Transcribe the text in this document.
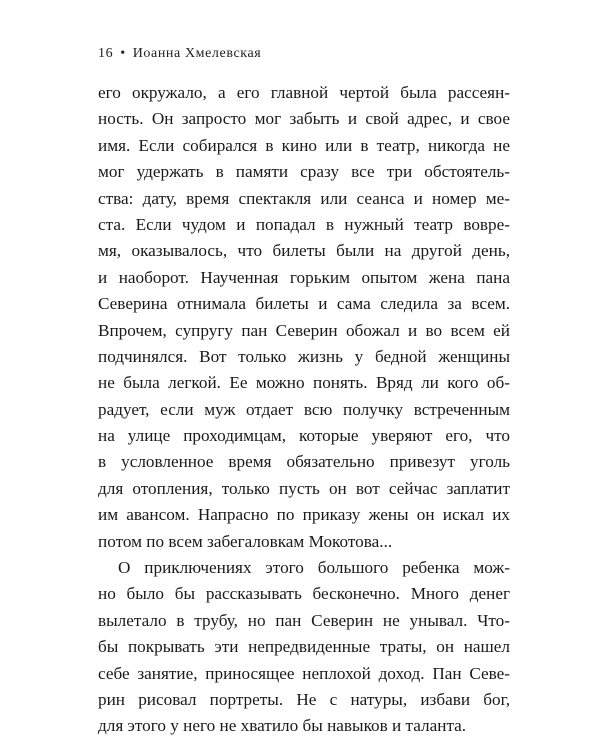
16 • Иоанна Хмелевская
его окружало, а его главной чертой была рассеян-
ность. Он запросто мог забыть и свой адрес, и свое
имя. Если собирался в кино или в театр, никогда не
мог удержать в памяти сразу все три обстоятель-
ства: дату, время спектакля или сеанса и номер ме-
ста. Если чудом и попадал в нужный театр вовре-
мя, оказывалось, что билеты были на другой день,
и наоборот. Наученная горьким опытом жена пана
Северина отнимала билеты и сама следила за всем.
Впрочем, супругу пан Северин обожал и во всем ей
подчинялся. Вот только жизнь у бедной женщины
не была легкой. Ее можно понять. Вряд ли кого об-
радует, если муж отдает всю получку встреченным
на улице проходимцам, которые уверяют его, что
в условленное время обязательно привезут уголь
для отопления, только пусть он вот сейчас заплатит
им авансом. Напрасно по приказу жены он искал их
потом по всем забегаловкам Мокотова...
О приключениях этого большого ребенка мож-
но было бы рассказывать бесконечно. Много денег
вылетало в трубу, но пан Северин не унывал. Что-
бы покрывать эти непредвиденные траты, он нашел
себе занятие, приносящее неплохой доход. Пан Севе-
рин рисовал портреты. Не с натуры, избави бог,
для этого у него не хватило бы навыков и таланта.
